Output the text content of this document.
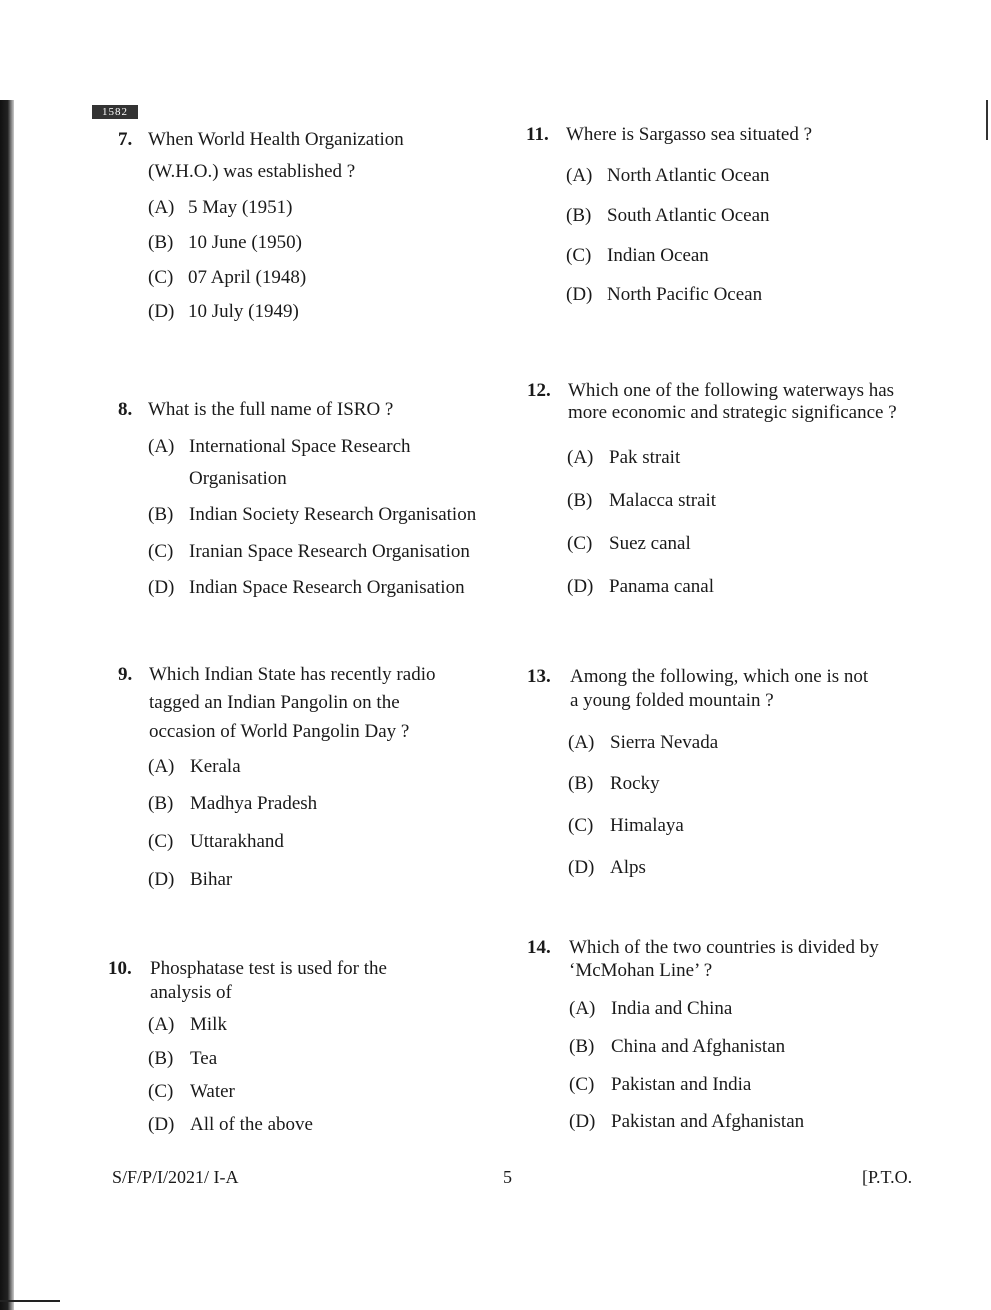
1582
7. When World Health Organization
(W.H.O.) was established ?
(A) 5 May (1951)
(B) 10 June (1950)
(C) 07 April (1948)
(D) 10 July (1949)
8. What is the full name of ISRO ?
(A) International Space Research
Organisation
(B) Indian Society Research Organisation
(C) Iranian Space Research Organisation
(D) Indian Space Research Organisation
9. Which Indian State has recently radio
tagged an Indian Pangolin on the
occasion of World Pangolin Day ?
(A) Kerala
(B) Madhya Pradesh
(C) Uttarakhand
(D) Bihar
10. Phosphatase test is used for the
analysis of
(A) Milk
(B) Tea
(C) Water
(D) All of the above
11. Where is Sargasso sea situated ?
(A) North Atlantic Ocean
(B) South Atlantic Ocean
(C) Indian Ocean
(D) North Pacific Ocean
12. Which one of the following waterways has
more economic and strategic significance ?
(A) Pak strait
(B) Malacca strait
(C) Suez canal
(D) Panama canal
13. Among the following, which one is not
a young folded mountain ?
(A) Sierra Nevada
(B) Rocky
(C) Himalaya
(D) Alps
14. Which of the two countries is divided by
‘McMohan Line’ ?
(A) India and China
(B) China and Afghanistan
(C) Pakistan and India
(D) Pakistan and Afghanistan
S/F/P/I/2021/ I-A	5	[P.T.O.
